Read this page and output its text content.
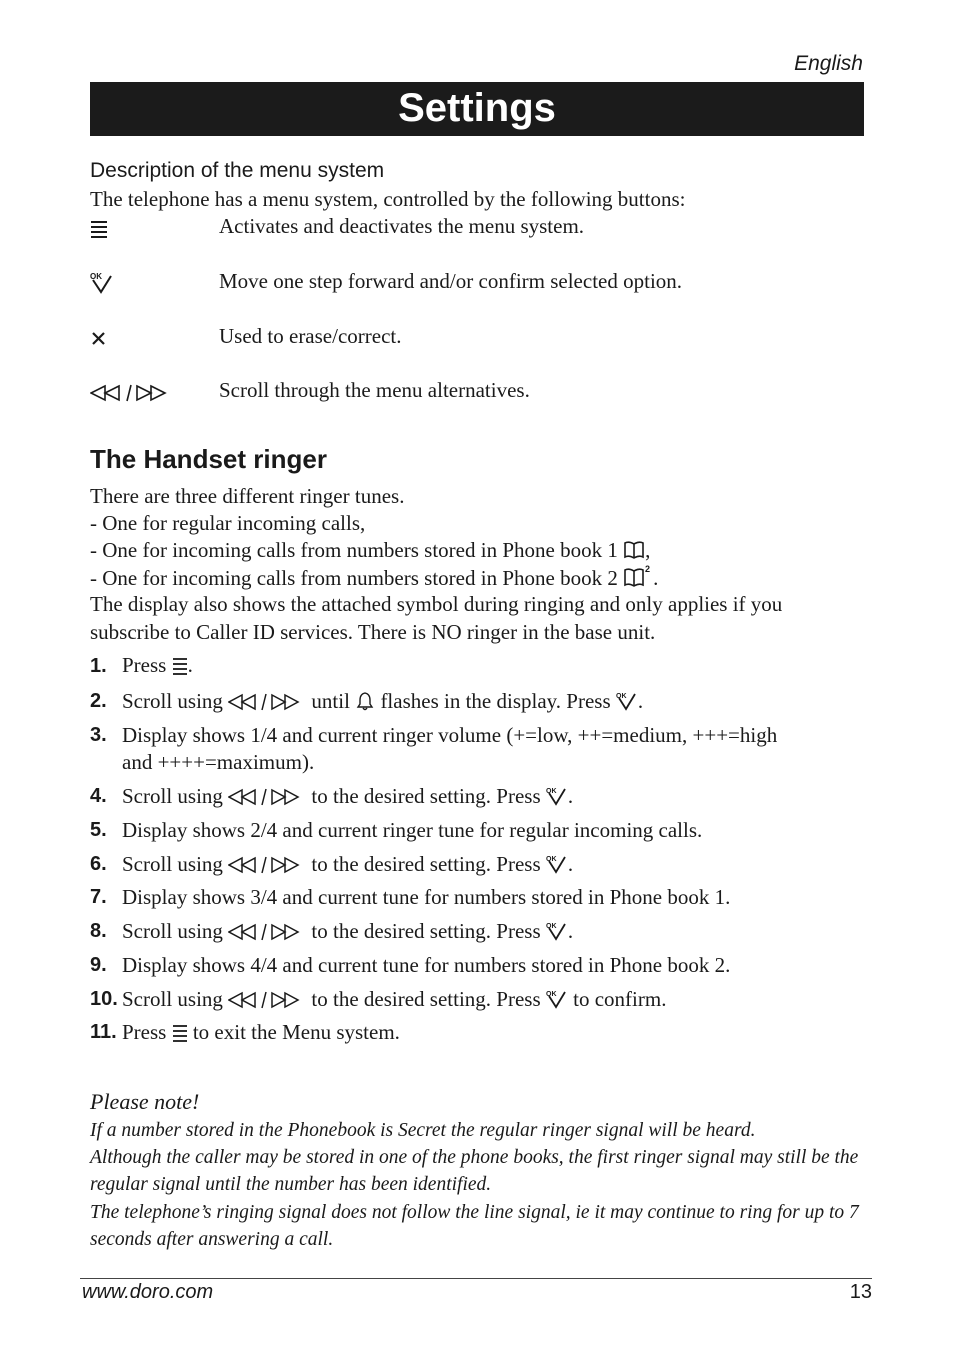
English
Settings
Description of the menu system
The telephone has a menu system, controlled by the following buttons:
Activates and deactivates the menu system.
OK	Move one step forward and/or confirm selected option.
Used to erase/correct.
Scroll through the menu alternatives.
The Handset ringer
There are three different ringer tunes.
- One for regular incoming calls,
- One for incoming calls from numbers stored in Phone book 1 ,
- One for incoming calls from numbers stored in Phone book 2	2 .
The display also shows the attached symbol during ringing and only applies if you
subscribe to Caller ID services. There is NO ringer in the base unit.
1. Press .
2. Scroll using	until flashes in the display. Press OK .
3. Display shows 1/4 and current ringer volume (+=low, ++=medium, +++=high
and ++++=maximum).
4. Scroll using	to the desired setting. Press OK .
5. Display shows 2/4 and current ringer tune for regular incoming calls.
6. Scroll using	to the desired setting. Press OK .
7. Display shows 3/4 and current tune for numbers stored in Phone book 1.
8. Scroll using	to the desired setting. Press OK .
9. Display shows 4/4 and current tune for numbers stored in Phone book 2.
10. Scroll using	to the desired setting. Press OK to confirm.
11. Press to exit the Menu system.
Please note!
If a number stored in the Phonebook is Secret the regular ringer signal will be heard.
Although the caller may be stored in one of the phone books, the first ringer signal may still be the
regular signal until the number has been identified.
The telephone’s ringing signal does not follow the line signal, ie it may continue to ring for up to 7
seconds after answering a call.
www.doro.com	13
